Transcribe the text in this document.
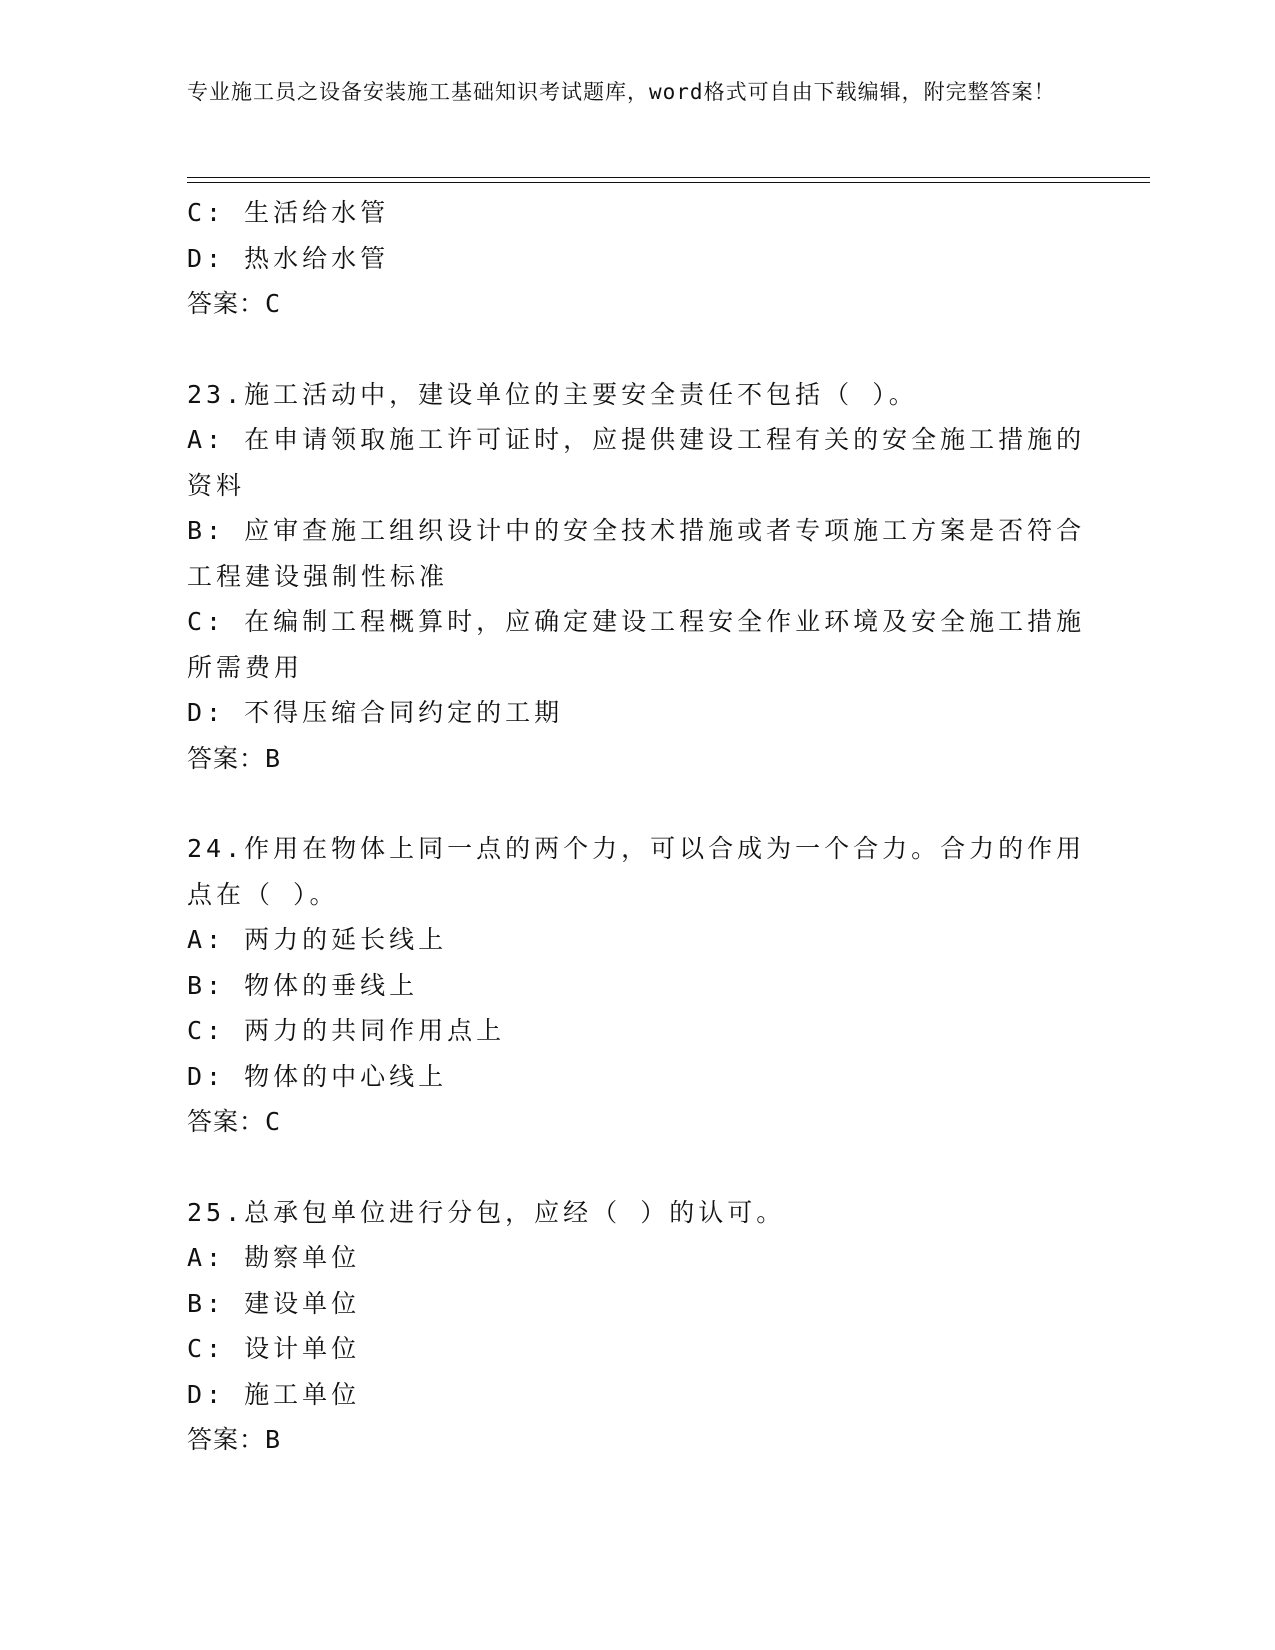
专业施工员之设备安装施工基础知识考试题库，word格式可自由下载编辑，附完整答案！
C: 生活给水管
D: 热水给水管
答案：C
23.施工活动中，建设单位的主要安全责任不包括（ ）。
A: 在申请领取施工许可证时，应提供建设工程有关的安全施工措施的资料
B: 应审查施工组织设计中的安全技术措施或者专项施工方案是否符合工程建设强制性标准
C: 在编制工程概算时，应确定建设工程安全作业环境及安全施工措施所需费用
D: 不得压缩合同约定的工期
答案：B
24.作用在物体上同一点的两个力，可以合成为一个合力。合力的作用点在（ ）。
A: 两力的延长线上
B: 物体的垂线上
C: 两力的共同作用点上
D: 物体的中心线上
答案：C
25.总承包单位进行分包，应经（ ）的认可。
A: 勘察单位
B: 建设单位
C: 设计单位
D: 施工单位
答案：B
